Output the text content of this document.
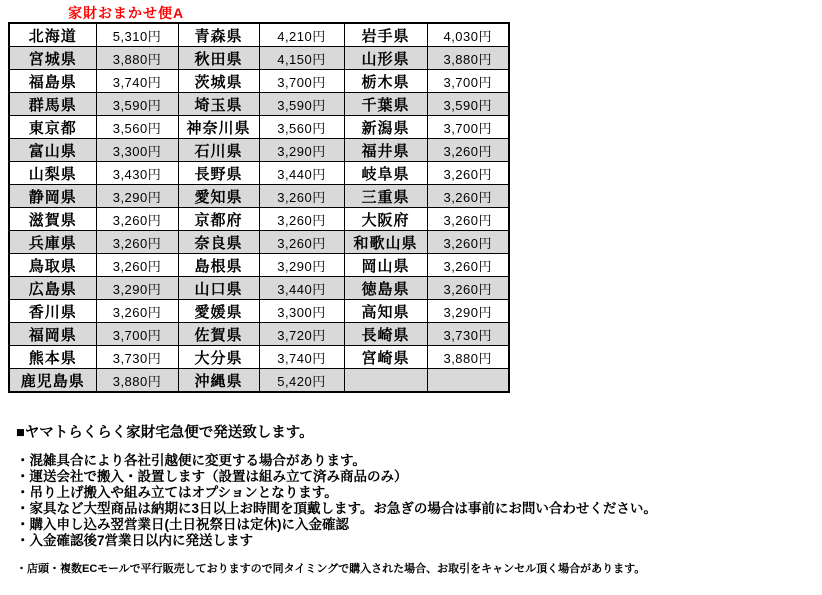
家財おまかせ便A
北海道	5,310円	青森県	4,210円	岩手県	4,030円
宮城県	3,880円	秋田県	4,150円	山形県	3,880円
福島県	3,740円	茨城県	3,700円	栃木県	3,700円
群馬県	3,590円	埼玉県	3,590円	千葉県	3,590円
東京都	3,560円	神奈川県	3,560円	新潟県	3,700円
富山県	3,300円	石川県	3,290円	福井県	3,260円
山梨県	3,430円	長野県	3,440円	岐阜県	3,260円
静岡県	3,290円	愛知県	3,260円	三重県	3,260円
滋賀県	3,260円	京都府	3,260円	大阪府	3,260円
兵庫県	3,260円	奈良県	3,260円	和歌山県	3,260円
鳥取県	3,260円	島根県	3,290円	岡山県	3,260円
広島県	3,290円	山口県	3,440円	徳島県	3,260円
香川県	3,260円	愛媛県	3,300円	高知県	3,290円
福岡県	3,700円	佐賀県	3,720円	長崎県	3,730円
熊本県	3,730円	大分県	3,740円	宮崎県	3,880円
鹿児島県	3,880円	沖縄県	5,420円		

■ヤマトらくらく家財宅急便で発送致します。

・混雑具合により各社引越便に変更する場合があります。

・運送会社で搬入・設置します（設置は組み立て済み商品のみ）

・吊り上げ搬入や組み立てはオプションとなります。

・家具など大型商品は納期に3日以上お時間を頂戴します。お急ぎの場合は事前にお問い合わせください。

・購入申し込み翌営業日(土日祝祭日は定休)に入金確認

・入金確認後7営業日以内に発送します

・店頭・複数ECモールで平行販売しておりますので同タイミングで購入された場合、お取引をキャンセル頂く場合があります。
